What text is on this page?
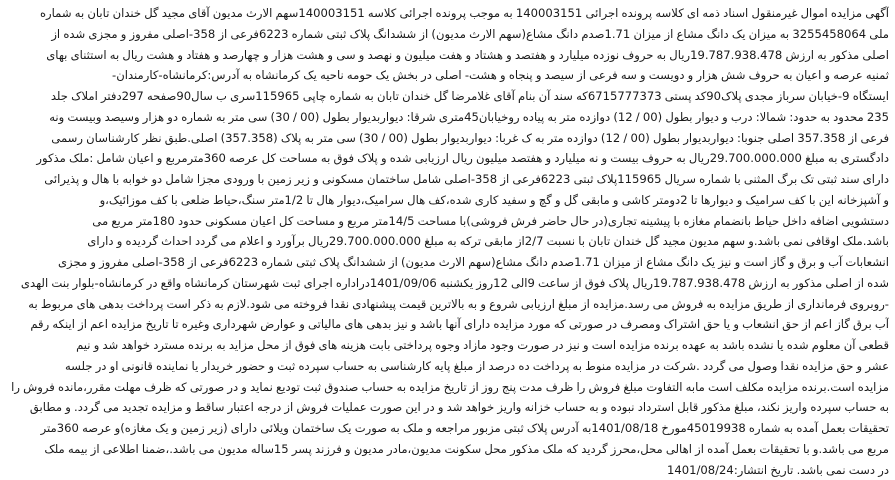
آگهی مزایده اموال غیرمنقول اسناد ذمه ای کلاسه پرونده اجرائی 140003151 به موجب پرونده اجرائی کلاسه 140003151سهم الارث مدیون آقای مجید گل خندان تابان به شماره
ملی 3255458064 به میزان یک دانگ مشاع از میزان 1.71صدم دانگ مشاع(سهم الارث مدیون) از ششدانگ پلاک ثبتی شماره 6223فرعی از 358-اصلی مفروز و مجزی شده از
اصلی مذکور به ارزش 19.787.938.478ریال به حروف نوزده میلیارد و هفتصد و هشتاد و هفت میلیون و نهصد و سی و هشت هزار و چهارصد و هفتاد و هشت ریال به استثنای بهای
ثمنیه عرصه و اعیان به حروف شش هزار و دویست و سه فرعی از سیصد و پنجاه و هشت- اصلی در بخش یک حومه ناحیه یک کرمانشاه به آدرس:کرمانشاه-کارمندان-
ایستگاه 9-خیابان سرباز مجدی پلاک90کد پستی 6715777373که سند آن بنام آقای غلامرضا گل خندان تابان به شماره چاپی 115965سری ب سال90صفحه 297دفتر املاک جلد
235 محدود به حدود: شمالا: درب و دیوار بطول (00 / 12) دوازده متر به پیاده روخیابان45متری شرقا: دیواربدیوار بطول (00 / 30) سی متر به شماره دو هزار وسیصد وبیست ونه
فرعی از 357.358 اصلی جنوبا: دیواربدیوار بطول (00 / 12) دوازده متر به ک غربا: دیواربدیوار بطول (00 / 30) سی متر به پلاک (357.358) اصلی.طبق نظر کارشناسان رسمی
دادگستری به مبلغ 29.700.000.000ریال به حروف بیست و نه میلیارد و هفتصد میلیون ریال ارزیابی شده و پلاک فوق به مساحت کل عرصه 360مترمربع و اعیان شامل :ملک مذکور
دارای سند ثبتی تک برگ المثنی با شماره سریال 115965پلاک ثبتی 6223فرعی از 358-اصلی شامل ساختمان مسکونی و زیر زمین با ورودی مجزا شامل دو خوابه با هال و پذیرائی
و آشپزخانه این با کف سرامیک و دیوارها تا 2دومتر کاشی و مابقی گل و گچ و سفید کاری شده،کف هال سرامیک،دیوار هال تا 1/2متر سنگ،حیاط ضلعی با کف موزائیک،و
دستشویی اضافه داخل حیاط بانضمام مغازه با پیشینه تجاری(در حال حاضر فرش فروشی)با مساحت 14/5متر مربع و مساحت کل اعیان مسکونی حدود 180متر مربع می
باشد.ملک اوقافی نمی باشد.و سهم مدیون مجید گل خندان تابان با نسبت 2/7از مابقی ترکه به مبلغ 29.700.000.000ریال برآورد و اعلام می گردد احداث گردیده و دارای
انشعابات آب و برق و گاز است و نیز یک دانگ مشاع از میزان 1.71صدم دانگ مشاع(سهم الارث مدیون) از ششدانگ پلاک ثبتی شماره 6223فرعی از 358-اصلی مفروز و مجزی
شده از اصلی مذکور به ارزش 19.787.938.478ریال پلاک فوق از ساعت 9الی 12روز یکشنبه 1401/09/06دراداره اجرای ثبت شهرستان کرمانشاه واقع در کرمانشاه-بلوار بنت الهدی
-روبروی فرمانداری از طریق مزایده به فروش می رسد.مزایده از مبلغ ارزیابی شروع و به بالاترین قیمت پیشنهادی نقدا فروخته می شود.لازم به ذکر است پرداخت بدهی های مربوط به
آب برق گاز اعم از حق انشعاب و یا حق اشتراک ومصرف در صورتی که مورد مزایده دارای آنها باشد و نیز بدهی های مالیاتی و عوارض شهرداری وغیره تا تاریخ مزایده اعم از اینکه رقم
قطعی آن معلوم شده یا نشده باشد به عهده برنده مزایده است و نیز در صورت وجود مازاد وجوه پرداختی بابت هزینه های فوق از محل مزاید به برنده مسترد خواهد شد و نیم
عشر و حق مزایده نقدا وصول می گردد .شرکت در مزایده منوط به پرداخت ده درصد از مبلغ پایه کارشناسی به حساب سپرده ثبت و حضور خریدار یا نماینده قانونی او در جلسه
مزایده است.برنده مزایده مکلف است مابه التفاوت مبلغ فروش را ظرف مدت پنج روز از تاریخ مزایده به حساب صندوق ثبت تودیع نماید و در صورتی که ظرف مهلت مقرر،مانده فروش را
به حساب سپرده واریز نکند، مبلغ مذکور قابل استرداد نبوده و به حساب خزانه واریز خواهد شد و در این صورت عملیات فروش از درجه اعتبار ساقط و مزایده تجدید می گردد. و مطابق
تحقیقات بعمل آمده به شماره 45019938مورخ 1401/08/18به آدرس پلاک ثبتی مزبور مراجعه و ملک به صورت یک ساختمان ویلائی دارای (زیر زمین و یک مغازه)و عرصه 360متر
مربع می باشد.و با تحقیقات بعمل آمده از اهالی محل،محرز گردید که ملک مذکور محل سکونت مدیون،مادر مدیون و فرزند پسر 15ساله مدیون می باشد.،ضمنا اطلاعی از بیمه ملک
در دست نمی باشد. تاریخ انتشار:1401/08/24
